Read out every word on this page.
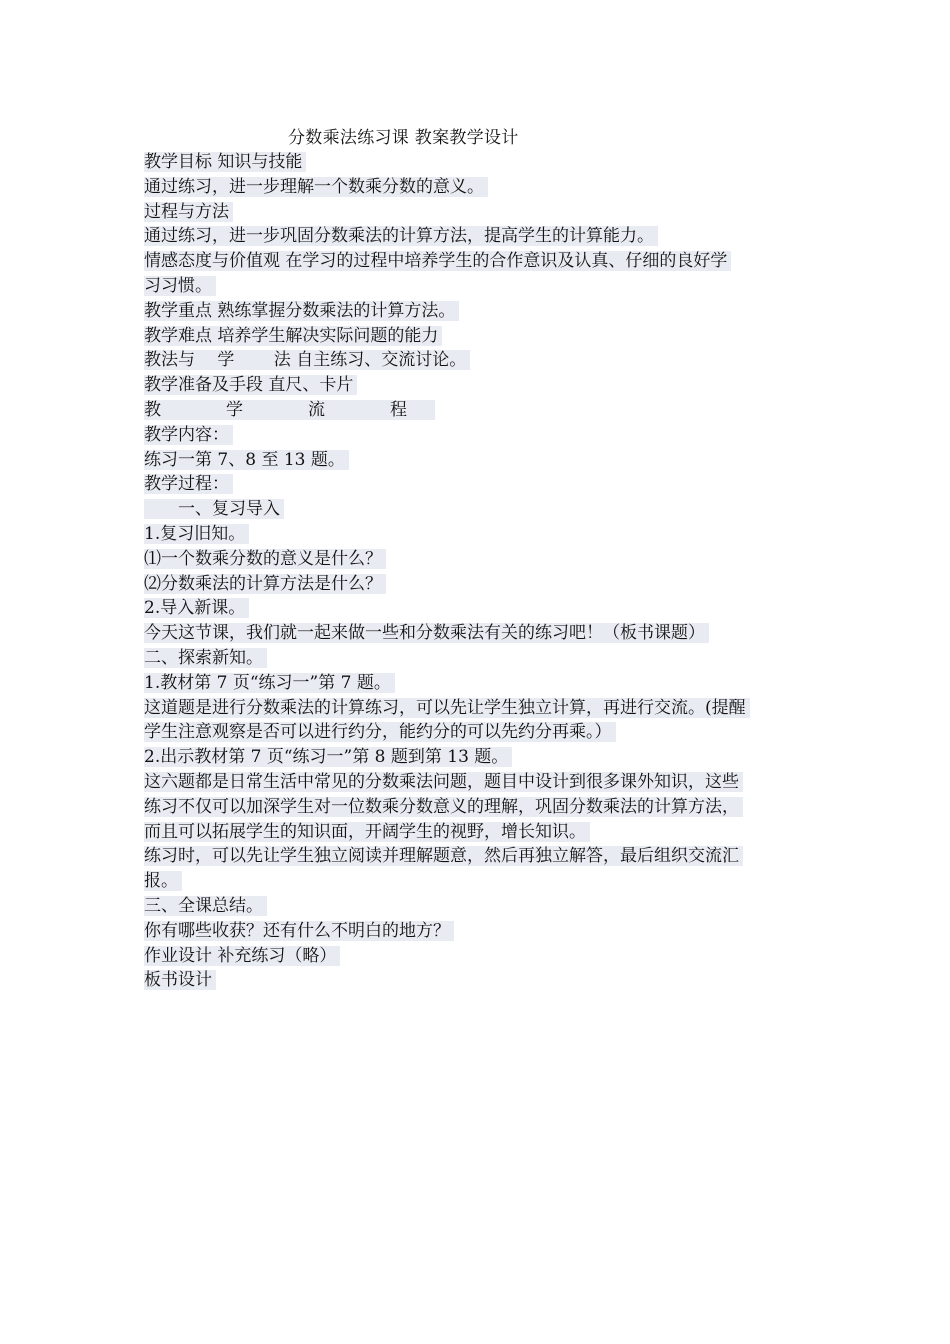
分数乘法练习课 教案教学设计
教学目标 知识与技能
通过练习，进一步理解一个数乘分数的意义。
过程与方法
通过练习，进一步巩固分数乘法的计算方法，提高学生的计算能力。
情感态度与价值观 在学习的过程中培养学生的合作意识及认真、仔细的良好学
习习惯。
教学重点 熟练掌握分数乘法的计算方法。
教学难点 培养学生解决实际问题的能力
教法与　 学　　 法 自主练习、交流讨论。
教学准备及手段 直尺、卡片
教　学　流　程
教学内容：
练习一第 7、8 至 13 题。
教学过程：
　　一、复习导入
1.复习旧知。
⑴一个数乘分数的意义是什么？
⑵分数乘法的计算方法是什么？
2.导入新课。
今天这节课，我们就一起来做一些和分数乘法有关的练习吧！（板书课题）
二、探索新知。
1.教材第 7 页“练习一”第 7 题。
这道题是进行分数乘法的计算练习，可以先让学生独立计算，再进行交流。(提醒
学生注意观察是否可以进行约分，能约分的可以先约分再乘。）
2.出示教材第 7 页“练习一”第 8 题到第 13 题。
这六题都是日常生活中常见的分数乘法问题，题目中设计到很多课外知识，这些
练习不仅可以加深学生对一位数乘分数意义的理解，巩固分数乘法的计算方法，
而且可以拓展学生的知识面，开阔学生的视野，增长知识。
练习时，可以先让学生独立阅读并理解题意，然后再独立解答，最后组织交流汇
报。
三、全课总结。
你有哪些收获？还有什么不明白的地方？
作业设计 补充练习（略）
板书设计
